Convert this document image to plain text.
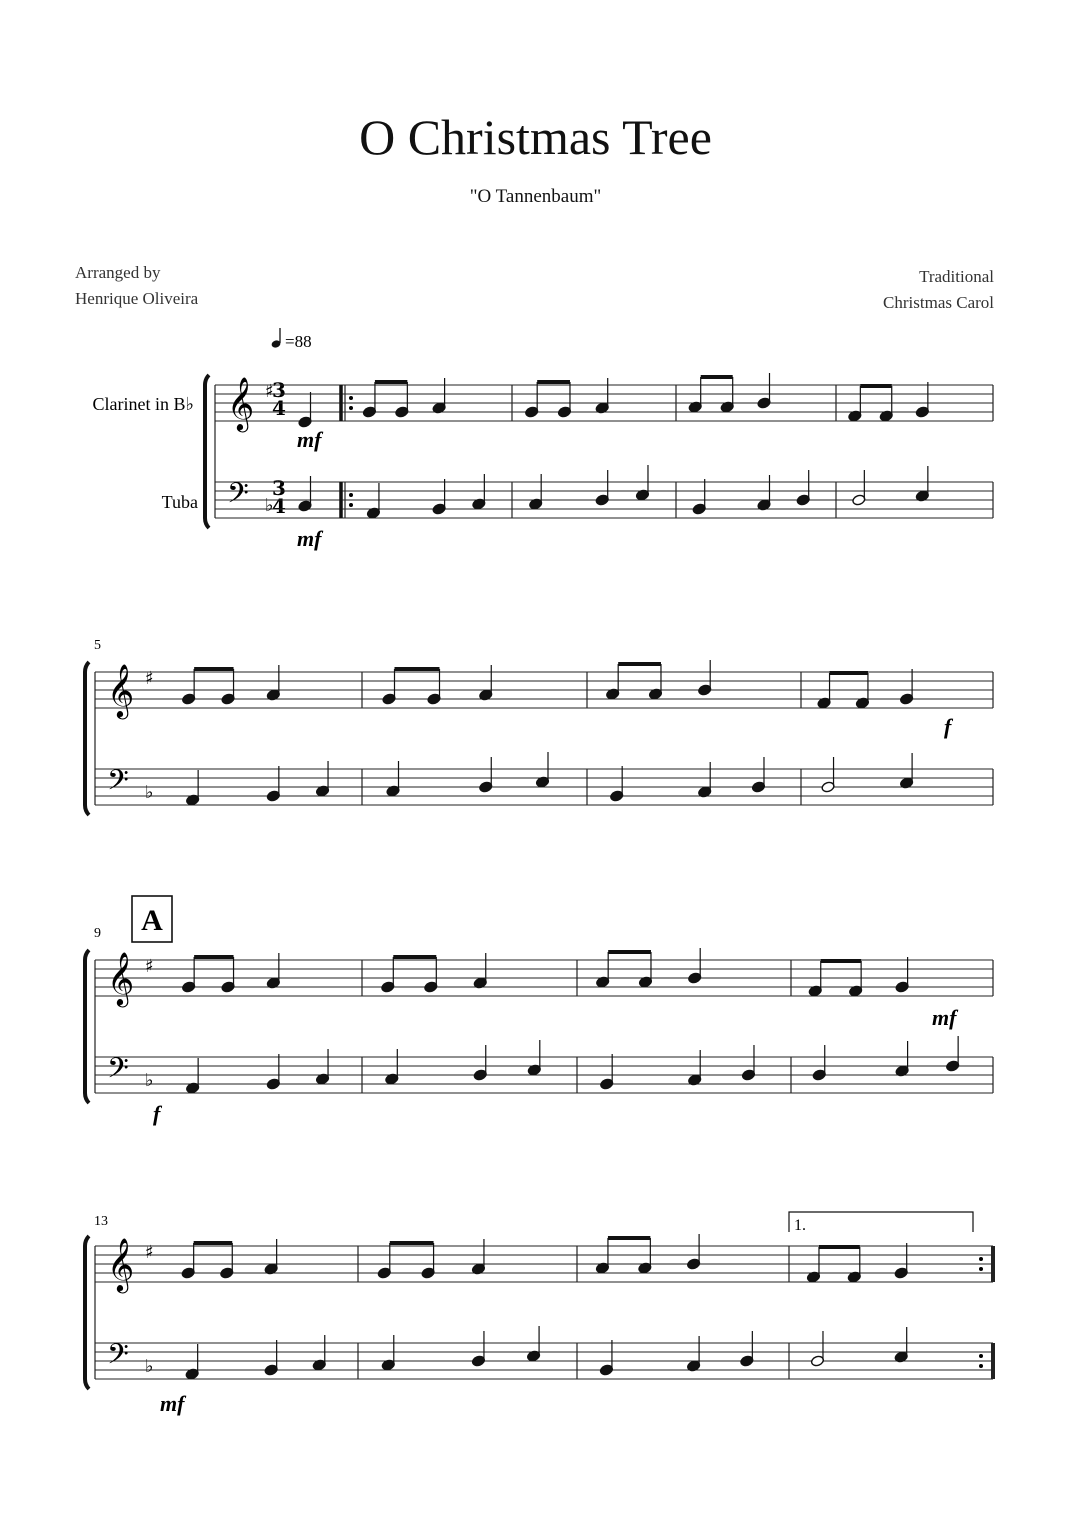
O Christmas Tree
"O Tannenbaum"
Arranged by
Henrique Oliveira
Traditional
Christmas Carol
=88
Clarinet in B♭
Tuba
3
4
3
4
5
9
13
A
1.
mf
mf
f
f
mf
mf
𝄞 ♯
𝄢 ♭
𝄞 ♯
𝄢 ♭
𝄞 ♯
𝄢 ♭
𝄞 ♯
𝄢 ♭
